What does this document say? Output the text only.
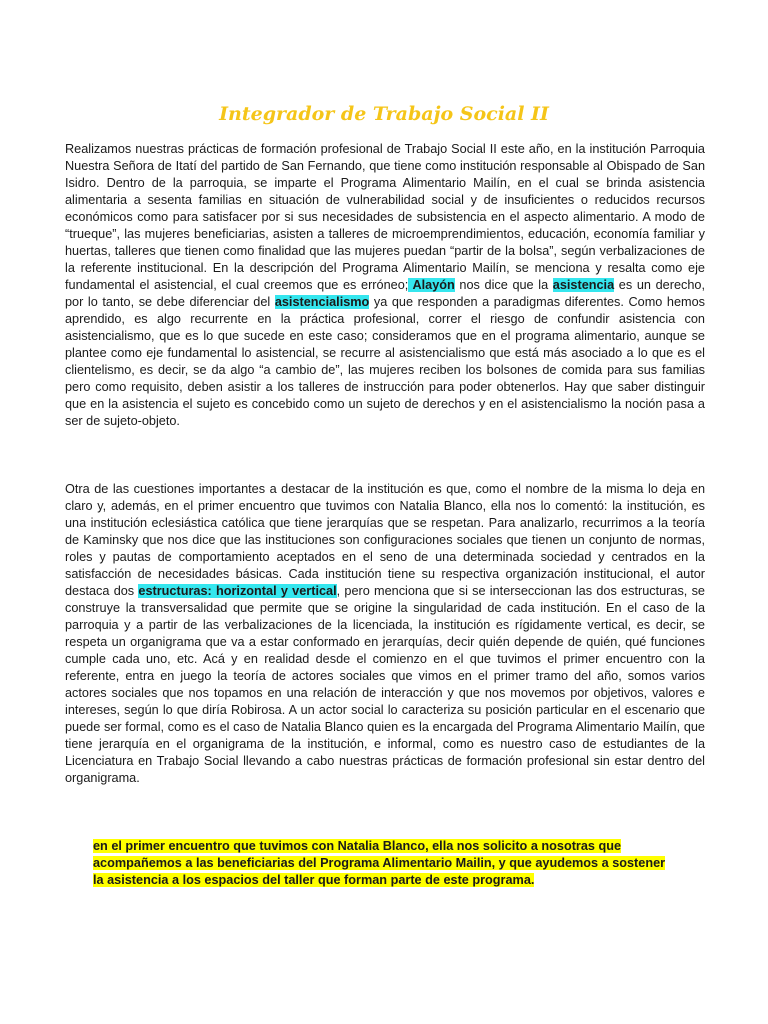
Integrador de Trabajo Social II

Realizamos nuestras prácticas de formación profesional de Trabajo Social II este año, en la institución Parroquia Nuestra Señora de Itatí del partido de San Fernando, que tiene como institución responsable al Obispado de San Isidro. Dentro de la parroquia, se imparte el Programa Alimentario Mailín, en el cual se brinda asistencia alimentaria a sesenta familias en situación de vulnerabilidad social y de insuficientes o reducidos recursos económicos como para satisfacer por si sus necesidades de subsistencia en el aspecto alimentario. A modo de “trueque”, las mujeres beneficiarias, asisten a talleres de microemprendimientos, educación, economía familiar y huertas, talleres que tienen como finalidad que las mujeres puedan “partir de la bolsa”, según verbalizaciones de la referente institucional. En la descripción del Programa Alimentario Mailín, se menciona y resalta como eje fundamental el asistencial, el cual creemos que es erróneo; Alayón nos dice que la asistencia es un derecho, por lo tanto, se debe diferenciar del asistencialismo ya que responden a paradigmas diferentes. Como hemos aprendido, es algo recurrente en la práctica profesional, correr el riesgo de confundir asistencia con asistencialismo, que es lo que sucede en este caso; consideramos que en el programa alimentario, aunque se plantee como eje fundamental lo asistencial, se recurre al asistencialismo que está más asociado a lo que es el clientelismo, es decir, se da algo “a cambio de”, las mujeres reciben los bolsones de comida para sus familias pero como requisito, deben asistir a los talleres de instrucción para poder obtenerlos. Hay que saber distinguir que en la asistencia el sujeto es concebido como un sujeto de derechos y en el asistencialismo la noción pasa a ser de sujeto-objeto.

Otra de las cuestiones importantes a destacar de la institución es que, como el nombre de la misma lo deja en claro y, además, en el primer encuentro que tuvimos con Natalia Blanco, ella nos lo comentó: la institución, es una institución eclesiástica católica que tiene jerarquías que se respetan. Para analizarlo, recurrimos a la teoría de Kaminsky que nos dice que las instituciones son configuraciones sociales que tienen un conjunto de normas, roles y pautas de comportamiento aceptados en el seno de una determinada sociedad y centrados en la satisfacción de necesidades básicas. Cada institución tiene su respectiva organización institucional, el autor destaca dos estructuras: horizontal y vertical, pero menciona que si se interseccionan las dos estructuras, se construye la transversalidad que permite que se origine la singularidad de cada institución. En el caso de la parroquia y a partir de las verbalizaciones de la licenciada, la institución es rígidamente vertical, es decir, se respeta un organigrama que va a estar conformado en jerarquías, decir quién depende de quién, qué funciones cumple cada uno, etc. Acá y en realidad desde el comienzo en el que tuvimos el primer encuentro con la referente, entra en juego la teoría de actores sociales que vimos en el primer tramo del año, somos varios actores sociales que nos topamos en una relación de interacción y que nos movemos por objetivos, valores e intereses, según lo que diría Robirosa. A un actor social lo caracteriza su posición particular en el escenario que puede ser formal, como es el caso de Natalia Blanco quien es la encargada del Programa Alimentario Mailín, que tiene jerarquía en el organigrama de la institución, e informal, como es nuestro caso de estudiantes de la Licenciatura en Trabajo Social llevando a cabo nuestras prácticas de formación profesional sin estar dentro del organigrama.

en el primer encuentro que tuvimos con Natalia Blanco, ella nos solicito a nosotras que acompañemos a las beneficiarias del Programa Alimentario Mailin, y que ayudemos a sostener la asistencia a los espacios del taller que forman parte de este programa.
